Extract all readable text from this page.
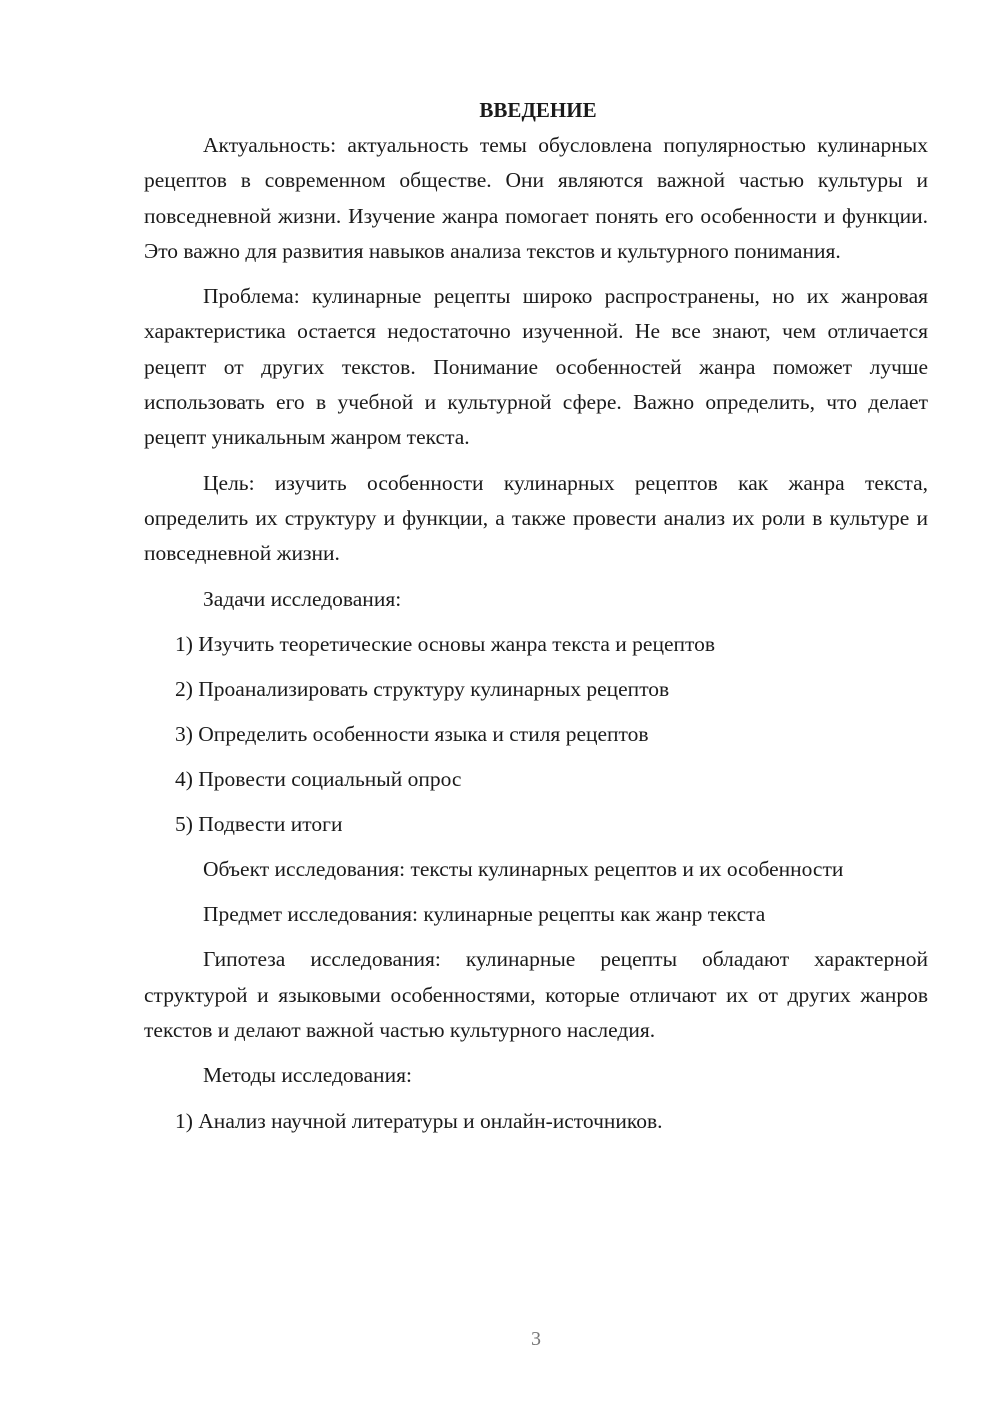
ВВЕДЕНИЕ

Актуальность: актуальность темы обусловлена популярностью кулинарных рецептов в современном обществе. Они являются важной частью культуры и повседневной жизни. Изучение жанра помогает понять его особенности и функции. Это важно для развития навыков анализа текстов и культурного понимания.

Проблема: кулинарные рецепты широко распространены, но их жанровая характеристика остается недостаточно изученной. Не все знают, чем отличается рецепт от других текстов. Понимание особенностей жанра поможет лучше использовать его в учебной и культурной сфере. Важно определить, что делает рецепт уникальным жанром текста.

Цель: изучить особенности кулинарных рецептов как жанра текста, определить их структуру и функции, а также провести анализ их роли в культуре и повседневной жизни.

Задачи исследования:

1) Изучить теоретические основы жанра текста и рецептов
2) Проанализировать структуру кулинарных рецептов
3) Определить особенности языка и стиля рецептов
4) Провести социальный опрос
5) Подвести итоги

Объект исследования: тексты кулинарных рецептов и их особенности

Предмет исследования: кулинарные рецепты как жанр текста

Гипотеза исследования: кулинарные рецепты обладают характерной структурой и языковыми особенностями, которые отличают их от других жанров текстов и делают важной частью культурного наследия.

Методы исследования:

1) Анализ научной литературы и онлайн-источников.
3
